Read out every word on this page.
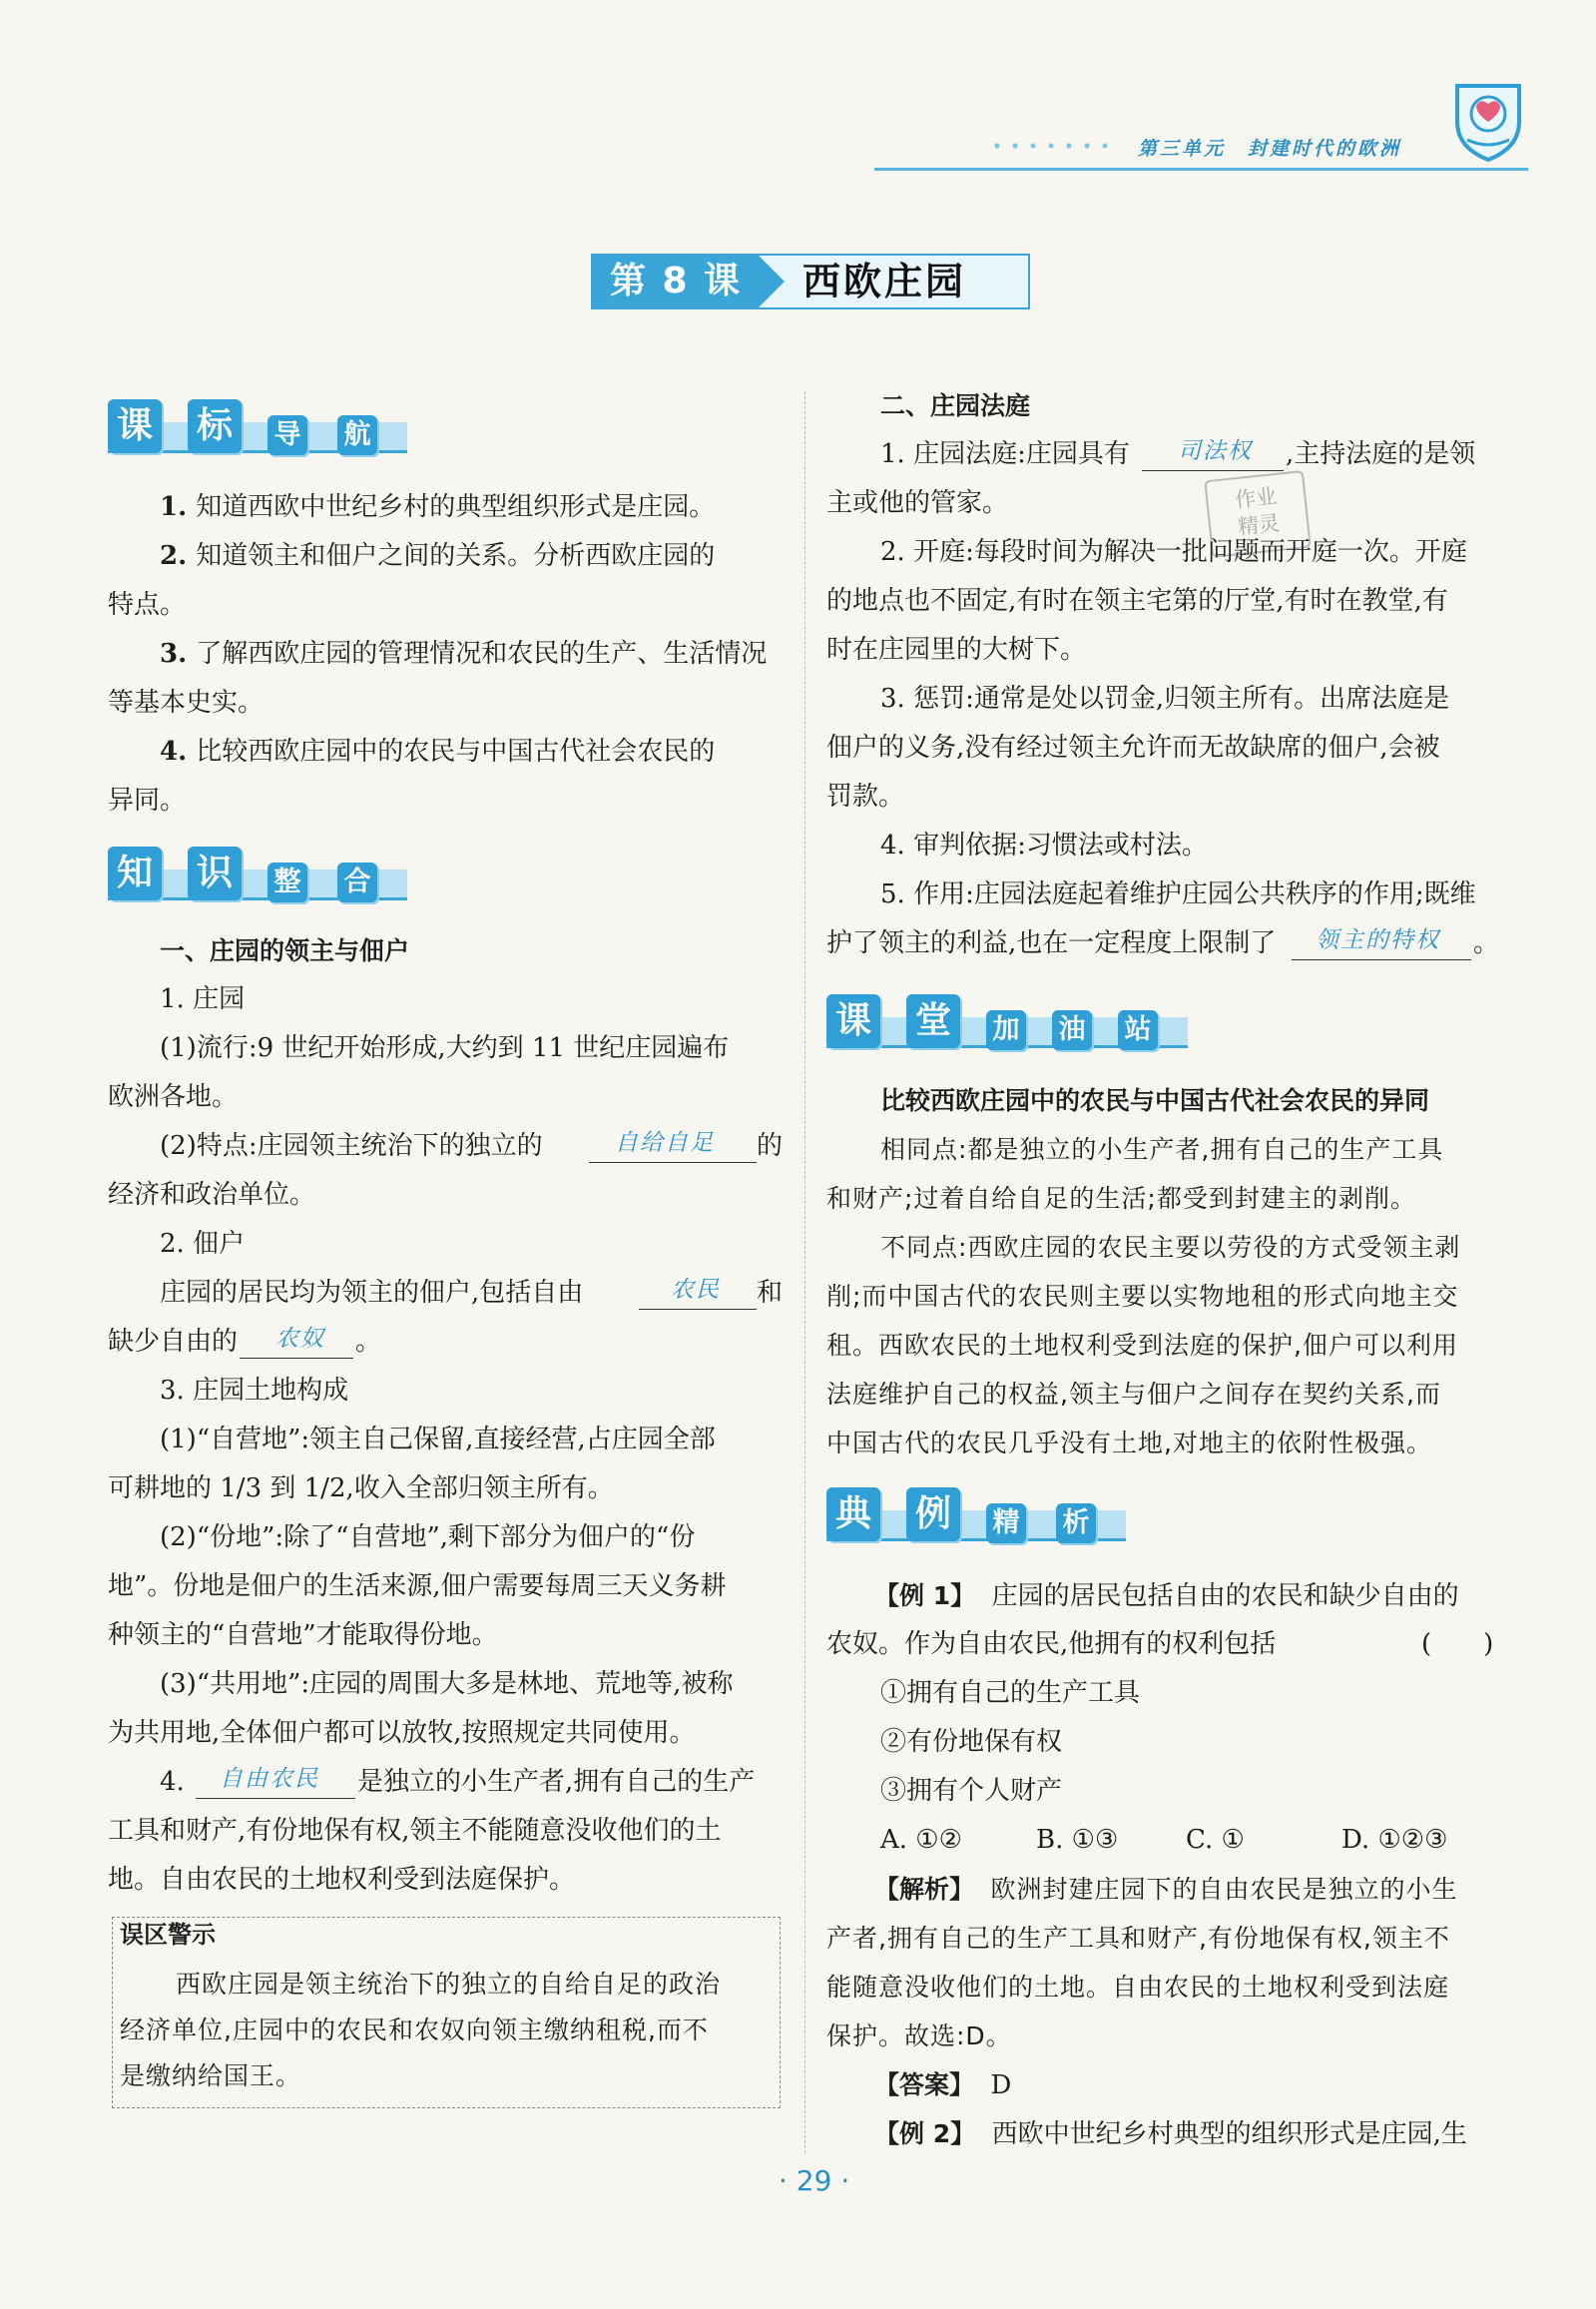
第三单元　封建时代的欧洲
第 8 课	西欧庄园
课 标	导 航
1. 知道西欧中世纪乡村的典型组织形式是庄园。
2. 知道领主和佃户之间的关系。分析西欧庄园的
特点。
3. 了解西欧庄园的管理情况和农民的生产、生活情况
等基本史实。
4. 比较西欧庄园中的农民与中国古代社会农民的
异同。
知 识	整 合
一、庄园的领主与佃户
1. 庄园
(1)流行:9 世纪开始形成,大约到 11 世纪庄园遍布
欧洲各地。
(2)特点:庄园领主统治下的独立的	自给自足 的
经济和政治单位。
2. 佃户
庄园的居民均为领主的佃户,包括自由	农民 和
缺少自由的 农奴 。
3. 庄园土地构成
(1)“自营地”:领主自己保留,直接经营,占庄园全部
可耕地的 1/3 到 1/2,收入全部归领主所有。
(2)“份地”:除了“自营地”,剩下部分为佃户的“份
地”。份地是佃户的生活来源,佃户需要每周三天义务耕
种领主的“自营地”才能取得份地。
(3)“共用地”:庄园的周围大多是林地、荒地等,被称
为共用地,全体佃户都可以放牧,按照规定共同使用。
4. 自由农民 是独立的小生产者,拥有自己的生产
工具和财产,有份地保有权,领主不能随意没收他们的土
地。自由农民的土地权利受到法庭保护。
误区警示
西欧庄园是领主统治下的独立的自给自足的政治
经济单位,庄园中的农民和农奴向领主缴纳租税,而不
是缴纳给国王。
二、庄园法庭
1. 庄园法庭:庄园具有 司法权 ,主持法庭的是领
作业
精灵
主或他的管家。
2. 开庭:每段时间为解决一批问题而开庭一次。开庭
的地点也不固定,有时在领主宅第的厅堂,有时在教堂,有
时在庄园里的大树下。
3. 惩罚:通常是处以罚金,归领主所有。出席法庭是
佃户的义务,没有经过领主允许而无故缺席的佃户,会被
罚款。
4. 审判依据:习惯法或村法。
5. 作用:庄园法庭起着维护庄园公共秩序的作用;既维
护了领主的利益,也在一定程度上限制了 领主的特权 。
课 堂	加 油 站
比较西欧庄园中的农民与中国古代社会农民的异同
相同点:都是独立的小生产者,拥有自己的生产工具
和财产;过着自给自足的生活;都受到封建主的剥削。
不同点:西欧庄园的农民主要以劳役的方式受领主剥
削;而中国古代的农民则主要以实物地租的形式向地主交
租。西欧农民的土地权利受到法庭的保护,佃户可以利用
法庭维护自己的权益,领主与佃户之间存在契约关系,而
中国古代的农民几乎没有土地,对地主的依附性极强。
典 例	精 析
【例 1】 庄园的居民包括自由的农民和缺少自由的
农奴。作为自由农民,他拥有的权利包括	(　　)
①拥有自己的生产工具
②有份地保有权
③拥有个人财产
A. ①②	B. ①③	C. ①	D. ①②③
【解析】 欧洲封建庄园下的自由农民是独立的小生
产者,拥有自己的生产工具和财产,有份地保有权,领主不
能随意没收他们的土地。自由农民的土地权利受到法庭
保护。故选:D。
【答案】 D
【例 2】 西欧中世纪乡村典型的组织形式是庄园,生
· 29 ·
